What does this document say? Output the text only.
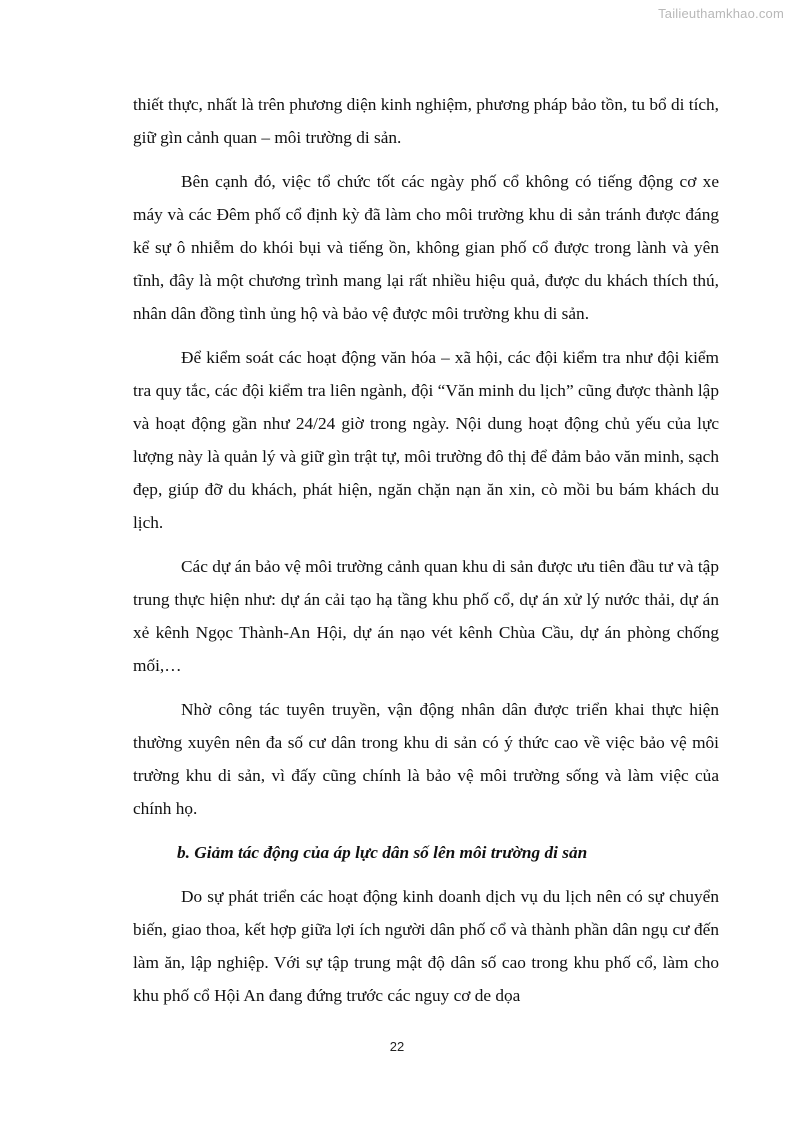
Tailieuthamkhao.com

thiết thực, nhất là trên phương diện kinh nghiệm, phương pháp bảo tồn, tu bổ di tích, giữ gìn cảnh quan – môi trường di sản.

Bên cạnh đó, việc tổ chức tốt các ngày phố cổ không có tiếng động cơ xe máy và các Đêm phố cổ định kỳ đã làm cho môi trường khu di sản tránh được đáng kể sự ô nhiễm do khói bụi và tiếng ồn, không gian phố cổ được trong lành và yên tĩnh, đây là một chương trình mang lại rất nhiều hiệu quả, được du khách thích thú, nhân dân đồng tình ủng hộ và bảo vệ được môi trường khu di sản.

Để kiểm soát các hoạt động văn hóa – xã hội, các đội kiểm tra như đội kiểm tra quy tắc, các đội kiểm tra liên ngành, đội “Văn minh du lịch” cũng được thành lập và hoạt động gần như 24/24 giờ trong ngày. Nội dung hoạt động chủ yếu của lực lượng này là quản lý và giữ gìn trật tự, môi trường đô thị để đảm bảo văn minh, sạch đẹp, giúp đỡ du khách, phát hiện, ngăn chặn nạn ăn xin, cò mồi bu bám khách du lịch.

Các dự án bảo vệ môi trường cảnh quan khu di sản được ưu tiên đầu tư và tập trung thực hiện như: dự án cải tạo hạ tầng khu phố cổ, dự án xử lý nước thải, dự án xẻ kênh Ngọc Thành-An Hội, dự án nạo vét kênh Chùa Cầu, dự án phòng chống mối,…

Nhờ công tác tuyên truyền, vận động nhân dân được triển khai thực hiện thường xuyên nên đa số cư dân trong khu di sản có ý thức cao về việc bảo vệ môi trường khu di sản, vì đấy cũng chính là bảo vệ môi trường sống và làm việc của chính họ.

b. Giảm tác động của áp lực dân số lên môi trường di sản

Do sự phát triển các hoạt động kinh doanh dịch vụ du lịch nên có sự chuyển biến, giao thoa, kết hợp giữa lợi ích người dân phố cổ và thành phần dân ngụ cư đến làm ăn, lập nghiệp. Với sự tập trung mật độ dân số cao trong khu phố cổ, làm cho khu phố cổ Hội An đang đứng trước các nguy cơ de dọa

22
